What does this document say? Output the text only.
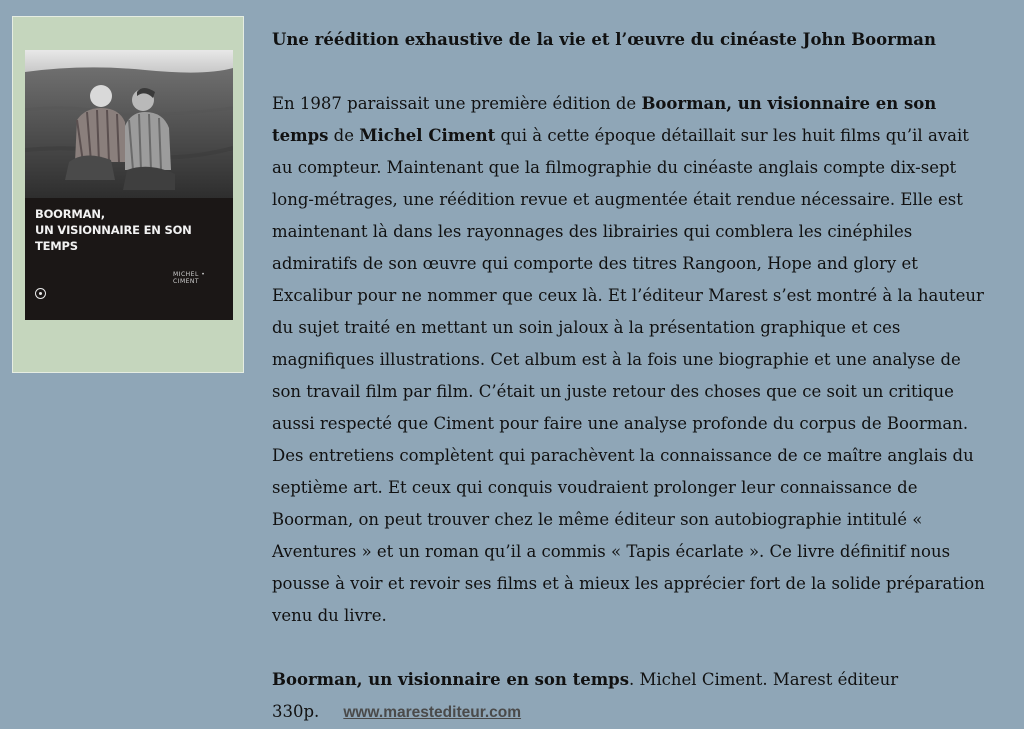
BOORMAN,
UN VISIONNAIRE EN SON TEMPS
MICHEL • CIMENT

Une réédition exhaustive de la vie et l’œuvre du cinéaste John Boorman

En 1987 paraissait une première édition de Boorman, un visionnaire en son temps de Michel Ciment qui à cette époque détaillait sur les huit films qu’il avait au compteur. Maintenant que la filmographie du cinéaste anglais compte dix-sept long-métrages, une réédition revue et augmentée était rendue nécessaire. Elle est maintenant là dans les rayonnages des librairies qui comblera les cinéphiles admiratifs de son œuvre qui comporte des titres Rangoon, Hope and glory et Excalibur pour ne nommer que ceux là. Et l’éditeur Marest s’est montré à la hauteur du sujet traité en mettant un soin jaloux à la présentation graphique et ces magnifiques illustrations. Cet album est à la fois une biographie et une analyse de son travail film par film. C’était un juste retour des choses que ce soit un critique aussi respecté que Ciment pour faire une analyse profonde du corpus de Boorman. Des entretiens complètent qui parachèvent la connaissance de ce maître anglais du septième art. Et ceux qui conquis voudraient prolonger leur connaissance de Boorman, on peut trouver chez le même éditeur son autobiographie intitulé « Aventures » et un roman qu’il a commis « Tapis écarlate ». Ce livre définitif nous pousse à voir et revoir ses films et à mieux les apprécier fort de la solide préparation venu du livre.

Boorman, un visionnaire en son temps. Michel Ciment. Marest éditeur
330p. www.marestediteur.com
